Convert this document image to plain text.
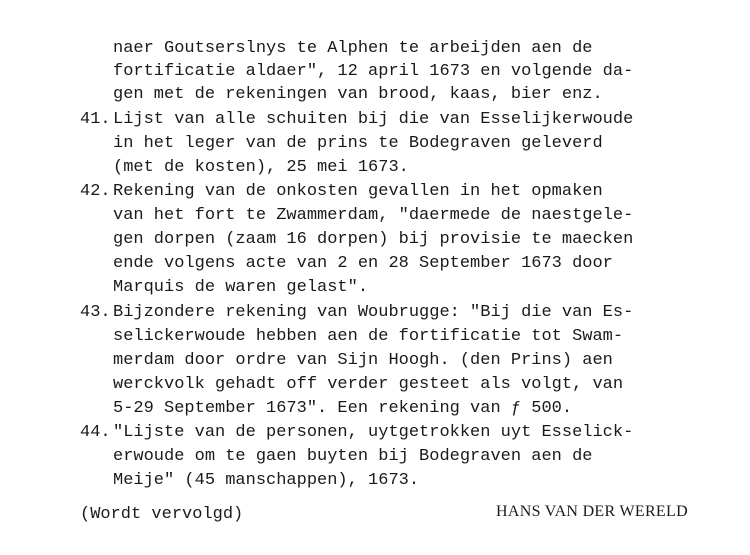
naer Goutserslnys te Alphen te arbeijden aen de
fortificatie aldaer", 12 april 1673 en volgende da-
gen met de rekeningen van brood, kaas, bier enz.
41. Lijst van alle schuiten bij die van Esselijkerwoude
in het leger van de prins te Bodegraven geleverd
(met de kosten), 25 mei 1673.
42. Rekening van de onkosten gevallen in het opmaken
van het fort te Zwammerdam, "daermede de naestgele-
gen dorpen (zaam 16 dorpen) bij provisie te maecken
ende volgens acte van 2 en 28 September 1673 door
Marquis de waren gelast".
43. Bijzondere rekening van Woubrugge: "Bij die van Es-
selickerwoude hebben aen de fortificatie tot Swam-
merdam door ordre van Sijn Hoogh. (den Prins) aen
werckvolk gehadt off verder gesteet als volgt, van
5-29 September 1673". Een rekening van ƒ 500.
44. "Lijste van de personen, uytgetrokken uyt Esselick-
erwoude om te gaen buyten bij Bodegraven aen de
Meije" (45 manschappen), 1673.
(Wordt vervolgd)	HANS VAN DER WERELD
